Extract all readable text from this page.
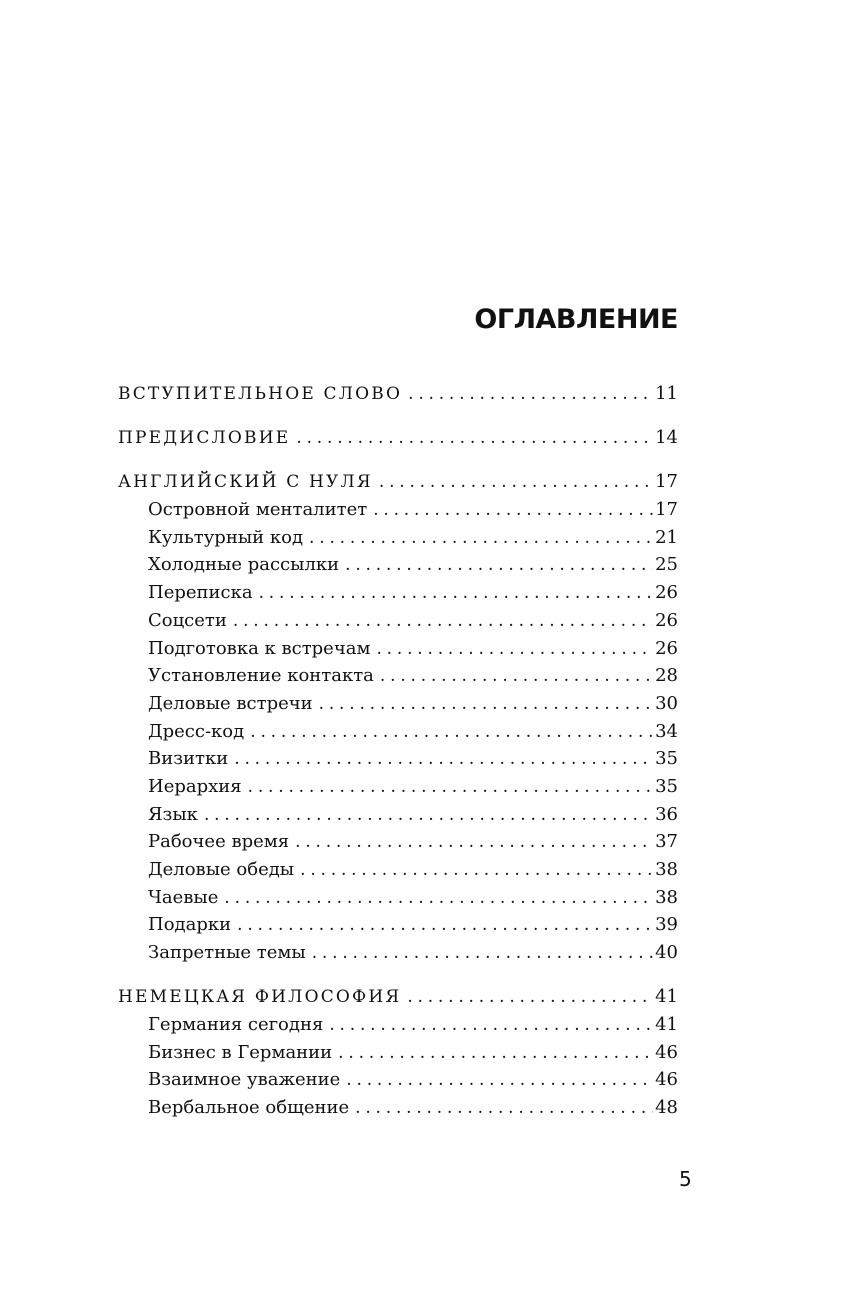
ОГЛАВЛЕНИЕ
ВСТУПИТЕЛЬНОЕ СЛОВО .....	11
ПРЕДИСЛОВИЕ .....	14
АНГЛИЙСКИЙ С НУЛЯ .....	17
Островной менталитет .....	17
Культурный код .....	21
Холодные рассылки .....	25
Переписка .....	26
Соцсети .....	26
Подготовка к встречам .....	26
Установление контакта .....	28
Деловые встречи .....	30
Дресс-код .....	34
Визитки .....	35
Иерархия .....	35
Язык .....	36
Рабочее время .....	37
Деловые обеды .....	38
Чаевые .....	38
Подарки .....	39
Запретные темы .....	40
НЕМЕЦКАЯ ФИЛОСОФИЯ .....	41
Германия сегодня .....	41
Бизнес в Германии .....	46
Взаимное уважение .....	46
Вербальное общение .....	48
5
